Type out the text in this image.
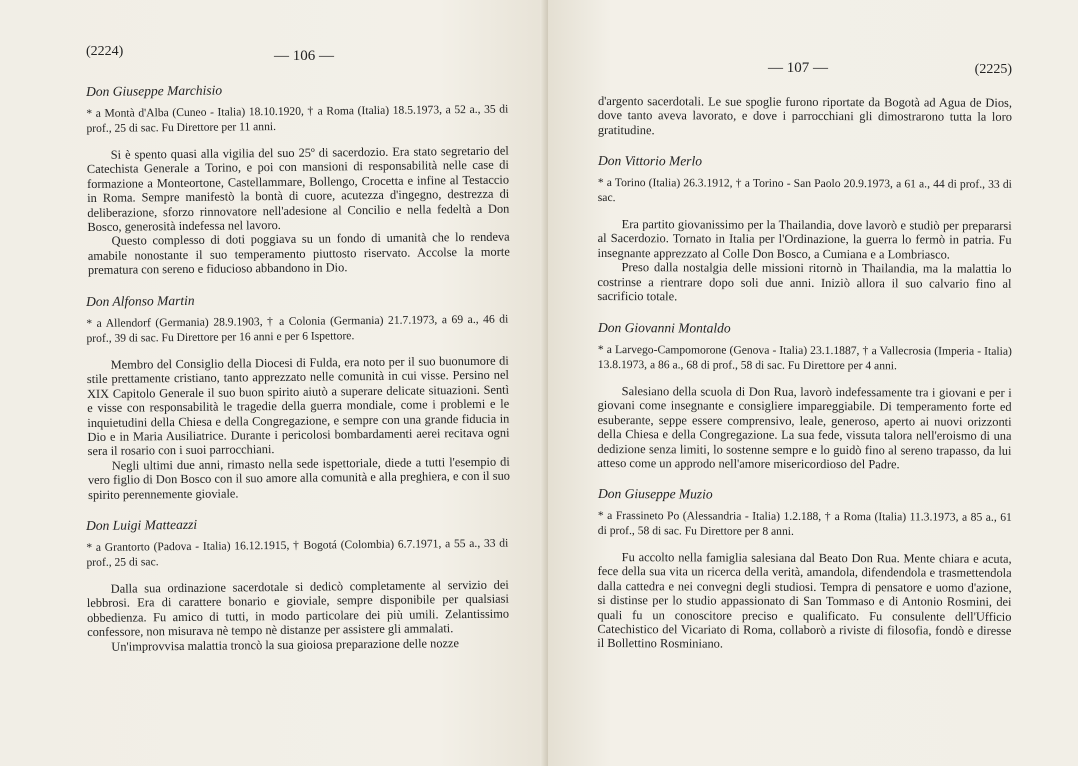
(2224)	— 106 —
Don Giuseppe Marchisio

* a Montà d'Alba (Cuneo - Italia) 18.10.1920, † a Roma (Italia) 18.5.1973, a 52 a., 35 di prof., 25 di sac. Fu Direttore per 11 anni.

Si è spento quasi alla vigilia del suo 25º di sacerdozio. Era stato segretario del Catechista Generale a Torino, e poi con mansioni di responsabilità nelle case di formazione a Monteortone, Castellammare, Bollengo, Crocetta e infine al Testaccio in Roma. Sempre manifestò la bontà di cuore, acutezza d'ingegno, destrezza di deliberazione, sforzo rinnovatore nell'adesione al Concilio e nella fedeltà a Don Bosco, generosità indefessa nel lavoro.

Questo complesso di doti poggiava su un fondo di umanità che lo rendeva amabile nonostante il suo temperamento piuttosto riservato. Accolse la morte prematura con sereno e fiducioso abbandono in Dio.

Don Alfonso Martin

* a Allendorf (Germania) 28.9.1903, † a Colonia (Germania) 21.7.1973, a 69 a., 46 di prof., 39 di sac. Fu Direttore per 16 anni e per 6 Ispettore.

Membro del Consiglio della Diocesi di Fulda, era noto per il suo buonumore di stile prettamente cristiano, tanto apprezzato nelle comunità in cui visse. Persino nel XIX Capitolo Generale il suo buon spirito aiutò a superare delicate situazioni. Sentì e visse con responsabilità le tragedie della guerra mondiale, come i problemi e le inquietudini della Chiesa e della Congregazione, e sempre con una grande fiducia in Dio e in Maria Ausiliatrice. Durante i pericolosi bombardamenti aerei recitava ogni sera il rosario con i suoi parrocchiani.

Negli ultimi due anni, rimasto nella sede ispettoriale, diede a tutti l'esempio di vero figlio di Don Bosco con il suo amore alla comunità e alla preghiera, e con il suo spirito perennemente gioviale.

Don Luigi Matteazzi

* a Grantorto (Padova - Italia) 16.12.1915, † Bogotá (Colombia) 6.7.1971, a 55 a., 33 di prof., 25 di sac.

Dalla sua ordinazione sacerdotale si dedicò completamente al servizio dei lebbrosi. Era di carattere bonario e gioviale, sempre disponibile per qualsiasi obbedienza. Fu amico di tutti, in modo particolare dei più umili. Zelantissimo confessore, non misurava nè tempo nè distanze per assistere gli ammalati.

Un'improvvisa malattia troncò la sua gioiosa preparazione delle nozze

— 107 —	(2225)

d'argento sacerdotali. Le sue spoglie furono riportate da Bogotà ad Agua de Dios, dove tanto aveva lavorato, e dove i parrocchiani gli dimostrarono tutta la loro gratitudine.

Don Vittorio Merlo

* a Torino (Italia) 26.3.1912, † a Torino - San Paolo 20.9.1973, a 61 a., 44 di prof., 33 di sac.

Era partito giovanissimo per la Thailandia, dove lavorò e studiò per prepararsi al Sacerdozio. Tornato in Italia per l'Ordinazione, la guerra lo fermò in patria. Fu insegnante apprezzato al Colle Don Bosco, a Cumiana e a Lombriasco.

Preso dalla nostalgia delle missioni ritornò in Thailandia, ma la malattia lo costrinse a rientrare dopo soli due anni. Iniziò allora il suo calvario fino al sacrificio totale.

Don Giovanni Montaldo

* a Larvego-Campomorone (Genova - Italia) 23.1.1887, † a Vallecrosia (Imperia - Italia) 13.8.1973, a 86 a., 68 di prof., 58 di sac. Fu Direttore per 4 anni.

Salesiano della scuola di Don Rua, lavorò indefessamente tra i giovani e per i giovani come insegnante e consigliere impareggiabile. Di temperamento forte ed esuberante, seppe essere comprensivo, leale, generoso, aperto ai nuovi orizzonti della Chiesa e della Congregazione. La sua fede, vissuta talora nell'eroismo di una dedizione senza limiti, lo sostenne sempre e lo guidò fino al sereno trapasso, da lui atteso come un approdo nell'amore misericordioso del Padre.

Don Giuseppe Muzio

* a Frassineto Po (Alessandria - Italia) 1.2.188, † a Roma (Italia) 11.3.1973, a 85 a., 61 di prof., 58 di sac. Fu Direttore per 8 anni.

Fu accolto nella famiglia salesiana dal Beato Don Rua. Mente chiara e acuta, fece della sua vita un ricerca della verità, amandola, difendendola e trasmettendola dalla cattedra e nei convegni degli studiosi. Tempra di pensatore e uomo d'azione, si distinse per lo studio appassionato di San Tommaso e di Antonio Rosmini, dei quali fu un conoscitore preciso e qualificato. Fu consulente dell'Ufficio Catechistico del Vicariato di Roma, collaborò a riviste di filosofia, fondò e diresse il Bollettino Rosminiano.
